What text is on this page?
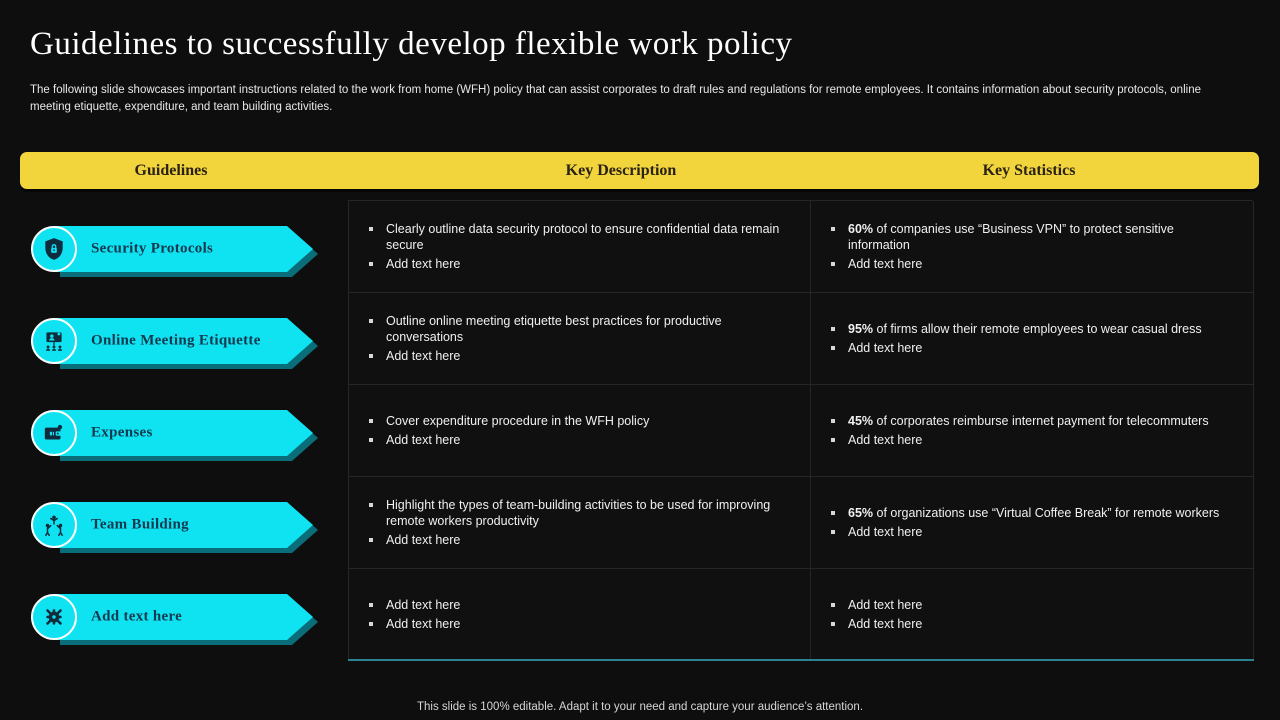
Guidelines to successfully develop flexible work policy
The following slide showcases important instructions related to the work from home (WFH) policy that can assist corporates to draft rules and regulations for remote employees. It contains information about security protocols, online meeting etiquette, expenditure, and team building activities.
Guidelines	Key Description	Key Statistics
Security Protocols
Online Meeting Etiquette
Expenses
Team Building
Add text here
Clearly outline data security protocol to ensure confidential data remain secure
Add text here
60% of companies use “Business VPN” to protect sensitive information
Add text here
Outline online meeting etiquette best practices for productive conversations
Add text here
95% of firms allow their remote employees to wear casual dress
Add text here
Cover expenditure procedure in the WFH policy
Add text here
45% of corporates reimburse internet payment for telecommuters
Add text here
Highlight the types of team-building activities to be used for improving remote workers productivity
Add text here
65% of organizations use “Virtual Coffee Break” for remote workers
Add text here
Add text here
Add text here
Add text here
Add text here
This slide is 100% editable. Adapt it to your need and capture your audience’s attention.
